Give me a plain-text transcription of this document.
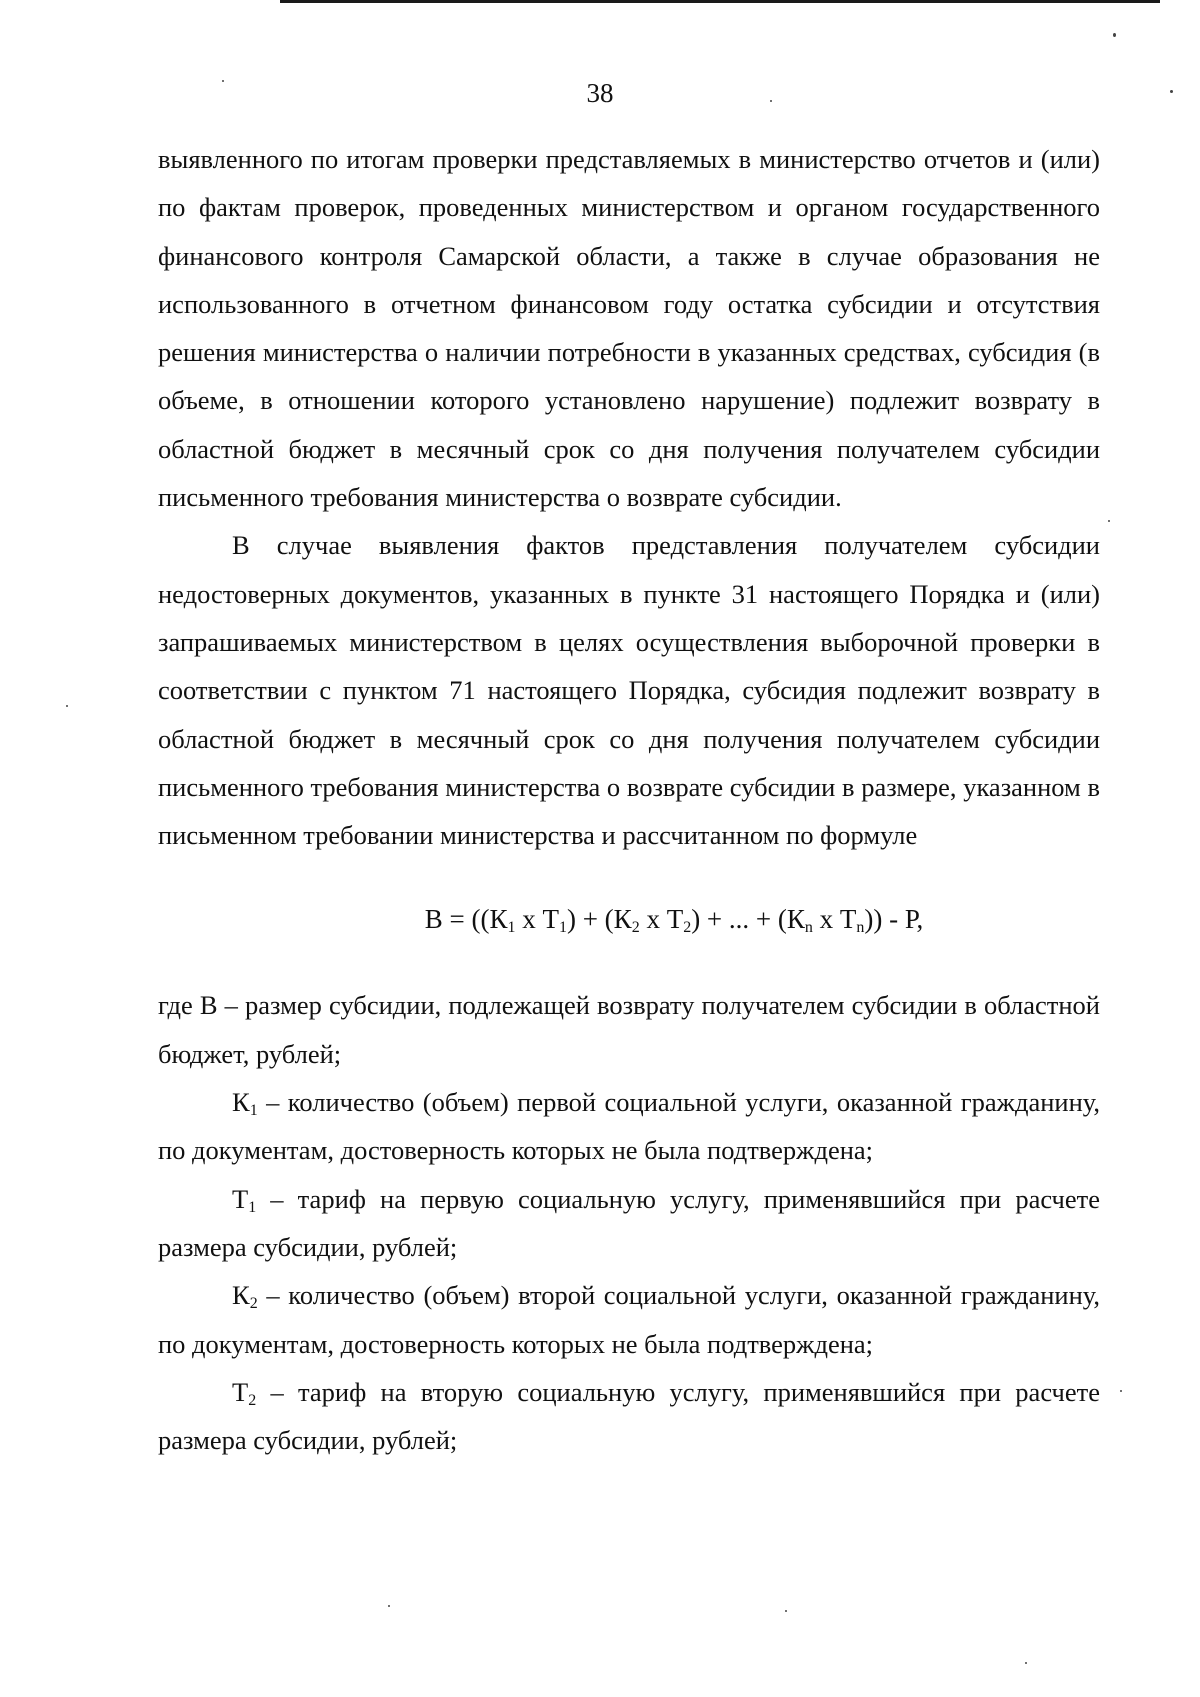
38

выявленного по итогам проверки представляемых в министерство отчетов и (или) по фактам проверок, проведенных министерством и органом государственного финансового контроля Самарской области, а также в случае образования не использованного в отчетном финансовом году остатка субсидии и отсутствия решения министерства о наличии потребности в указанных средствах, субсидия (в объеме, в отношении которого установлено нарушение) подлежит возврату в областной бюджет в месячный срок со дня получения получателем субсидии письменного требования министерства о возврате субсидии.

В случае выявления фактов представления получателем субсидии недостоверных документов, указанных в пункте 31 настоящего Порядка и (или) запрашиваемых министерством в целях осуществления выборочной проверки в соответствии с пунктом 71 настоящего Порядка, субсидия подлежит возврату в областной бюджет в месячный срок со дня получения получателем субсидии письменного требования министерства о возврате субсидии в размере, указанном в письменном требовании министерства и рассчитанном по формуле

$В = ((К_1$ х $Т_1) + (К_2$ х $Т_2$) + ... + ($К_n$ х $Т_n$)) - Р,

где В – размер субсидии, подлежащей возврату получателем субсидии в областной бюджет, рублей;

$К_1$ – количество (объем) первой социальной услуги, оказанной гражданину, по документам, достоверность которых не была подтверждена;

$Т_1$ – тариф на первую социальную услугу, применявшийся при расчете размера субсидии, рублей;

$К_2$ – количество (объем) второй социальной услуги, оказанной гражданину, по документам, достоверность которых не была подтверждена;

$Т_2$ – тариф на вторую социальную услугу, применявшийся при расчете размера субсидии, рублей;
